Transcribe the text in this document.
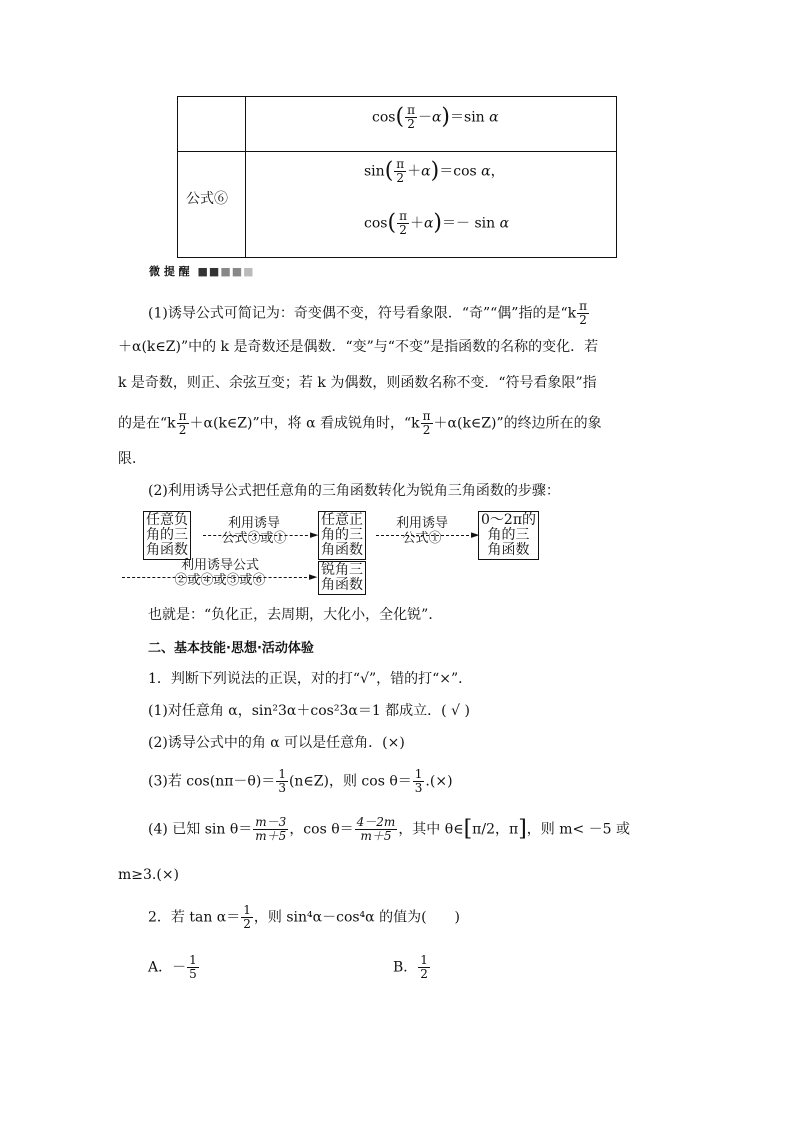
$\cos( \frac{\pi}{2} -\alpha)=\sin$ α
公式⑥
$\sin( \frac{\pi}{2} +\alpha)=\cos$ α，
$\cos( \frac{\pi}{2} +\alpha)=- \sin \alpha$
微 提 醒 ■■■■■
(1)诱导公式可简记为：奇变偶不变，符号看象限．“奇”“偶”指的是“$k \frac{\pi}{2}$
＋α(k∈Z)”中的 k 是奇数还是偶数．“变”与“不变”是指函数的名称的变化．若
k 是奇数，则正、余弦互变；若 k 为偶数，则函数名称不变．“符号看象限”指
的是在“$k \frac{\pi}{2}$ ＋α(k∈Z)”中，将 α 看成锐角时，“$k \frac{\pi}{2}$ ＋α(k∈Z)”的终边所在的象
限．
(2)利用诱导公式把任意角的三角函数转化为锐角三角函数的步骤：
任意负
角的三
角函数
利用诱导
公式③或①	►
任意正
角的三
角函数
利用诱导
公式①	►
0～2π的
角的三
角函数
利用诱导公式
②或④或⑤或⑥	► 锐角三
角函数
也就是：“负化正，去周期，大化小，全化锐”．
二、基本技能·思想·活动体验
1．判断下列说法的正误，对的打“√”，错的打“×”．
(1)对任意角 α，sin²3α＋cos²3α＝1 都成立．( √ )
(2)诱导公式中的角 α 可以是任意角．(×)
(3)若 $\cos(n\pi-\theta)= \frac{1}{3}$ (n∈Z)，则 $\cos \theta= \frac{1}{3}$ .(×)
(4) 已知 $\sin \theta= \frac{m-3}{m+5}$ ，$\cos \theta= \frac{4-2m}{m+5}$ ，其中 θ∈[π/2，π]，则 m< －5 或
m≥3.(×)
2．若 $\tan \alpha= \frac{1}{2}$ ，则 sin⁴α－cos⁴α 的值为(　　)
A．－ $\frac{1}{5}$	B． $\frac{1}{2}$
